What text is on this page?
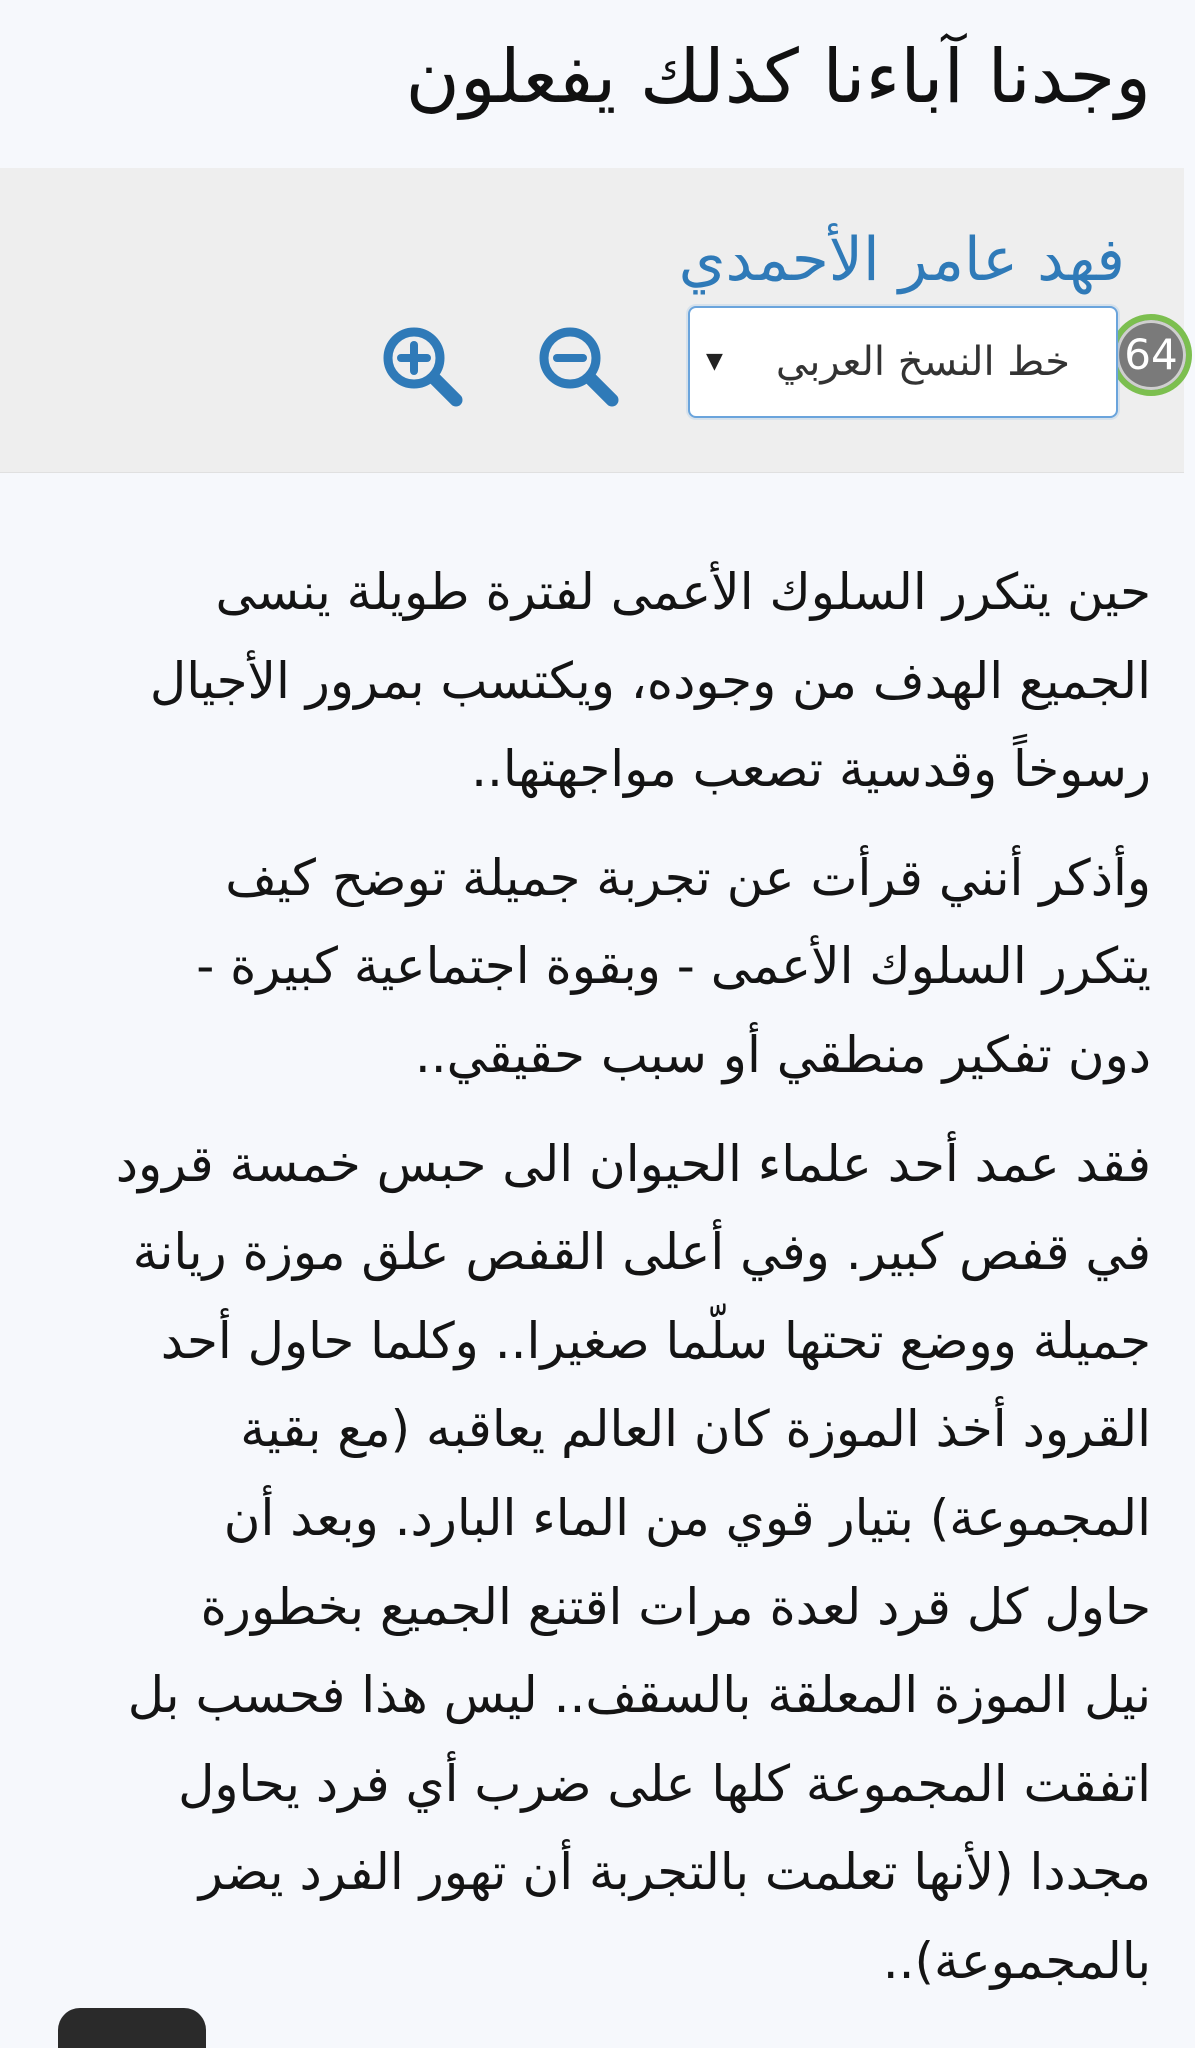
وجدنا آباءنا كذلك يفعلون
فهد عامر الأحمدي
64
خط النسخ العربي
▼

حين يتكرر السلوك الأعمى لفترة طويلة ينسى
الجميع الهدف من وجوده، ويكتسب بمرور الأجيال
رسوخاً وقدسية تصعب مواجهتها..

وأذكر أنني قرأت عن تجربة جميلة توضح كيف
يتكرر السلوك الأعمى - وبقوة اجتماعية كبيرة -
دون تفكير منطقي أو سبب حقيقي..

فقد عمد أحد علماء الحيوان الى حبس خمسة قرود
في قفص كبير. وفي أعلى القفص علق موزة ريانة
جميلة ووضع تحتها سلّما صغيرا.. وكلما حاول أحد
القرود أخذ الموزة كان العالم يعاقبه (مع بقية
المجموعة) بتيار قوي من الماء البارد. وبعد أن
حاول كل قرد لعدة مرات اقتنع الجميع بخطورة
نيل الموزة المعلقة بالسقف.. ليس هذا فحسب بل
اتفقت المجموعة كلها على ضرب أي فرد يحاول
مجددا (لأنها تعلمت بالتجربة أن تهور الفرد يضر
بالمجموعة)..
